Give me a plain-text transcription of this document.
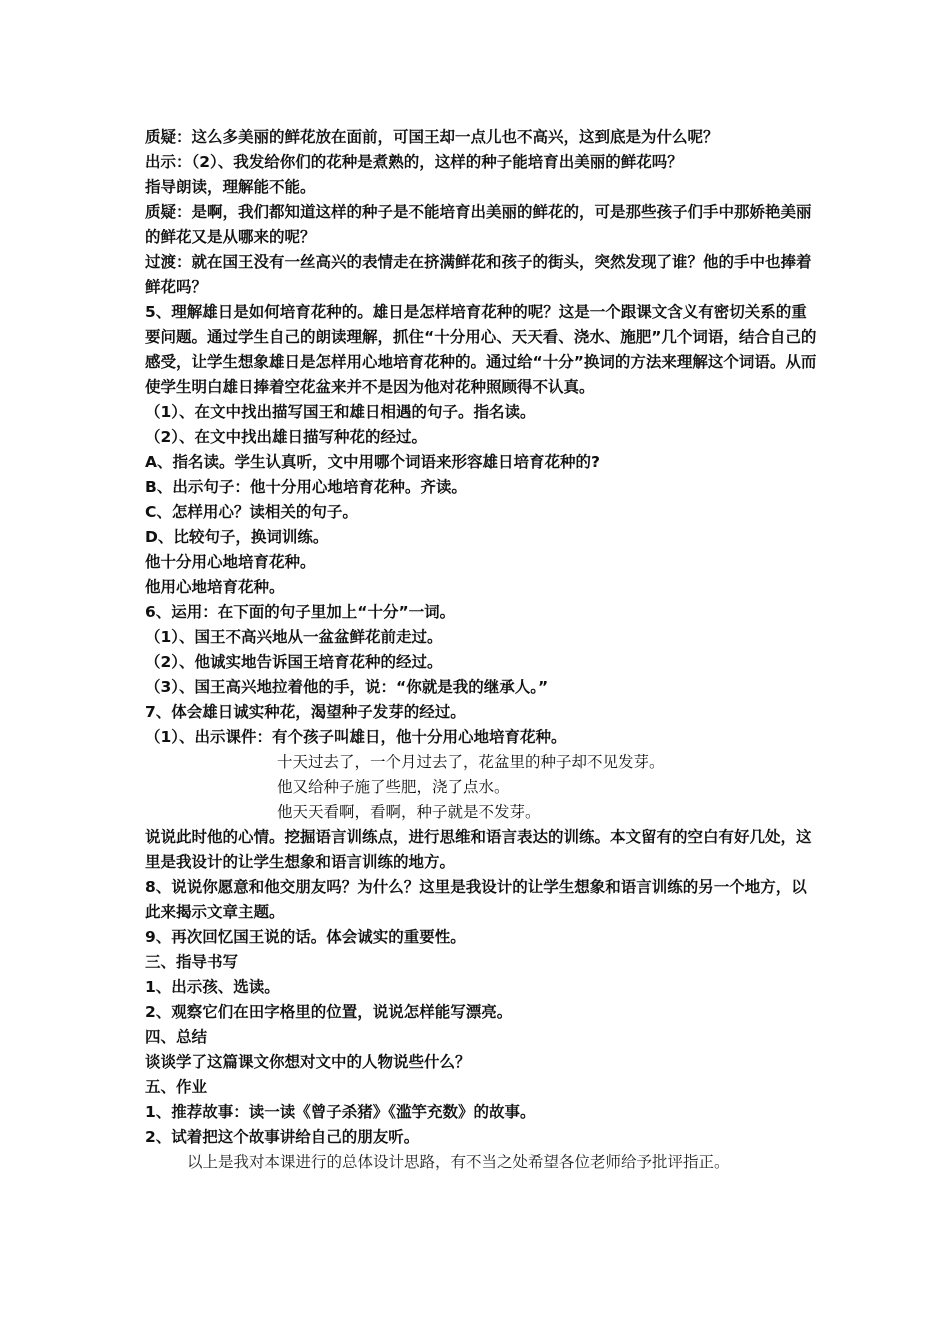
质疑：这么多美丽的鲜花放在面前，可国王却一点儿也不高兴，这到底是为什么呢？

出示：（2）、我发给你们的花种是煮熟的，这样的种子能培育出美丽的鲜花吗？

指导朗读，理解能不能。

质疑：是啊，我们都知道这样的种子是不能培育出美丽的鲜花的，可是那些孩子们手中那娇艳美丽的鲜花又是从哪来的呢？

过渡：就在国王没有一丝高兴的表情走在挤满鲜花和孩子的街头，突然发现了谁？他的手中也捧着鲜花吗？

5、理解雄日是如何培育花种的。雄日是怎样培育花种的呢？这是一个跟课文含义有密切关系的重要问题。通过学生自己的朗读理解，抓住“十分用心、天天看、浇水、施肥”几个词语，结合自己的感受，让学生想象雄日是怎样用心地培育花种的。通过给“十分”换词的方法来理解这个词语。从而使学生明白雄日捧着空花盆来并不是因为他对花种照顾得不认真。

（1）、在文中找出描写国王和雄日相遇的句子。指名读。

（2）、在文中找出雄日描写种花的经过。

A、指名读。学生认真听，文中用哪个词语来形容雄日培育花种的?

B、出示句子：他十分用心地培育花种。齐读。

C、怎样用心？读相关的句子。

D、比较句子，换词训练。

他十分用心地培育花种。

他用心地培育花种。

6、运用：在下面的句子里加上“十分”一词。

（1）、国王不高兴地从一盆盆鲜花前走过。

（2）、他诚实地告诉国王培育花种的经过。

（3）、国王高兴地拉着他的手，说：“你就是我的继承人。”

7、体会雄日诚实种花，渴望种子发芽的经过。

（1）、出示课件：有个孩子叫雄日，他十分用心地培育花种。

十天过去了，一个月过去了，花盆里的种子却不见发芽。

他又给种子施了些肥，浇了点水。

他天天看啊，看啊，种子就是不发芽。

说说此时他的心情。挖掘语言训练点，进行思维和语言表达的训练。本文留有的空白有好几处，这里是我设计的让学生想象和语言训练的地方。

8、说说你愿意和他交朋友吗？为什么？这里是我设计的让学生想象和语言训练的另一个地方，以此来揭示文章主题。

9、再次回忆国王说的话。体会诚实的重要性。

三、指导书写

1、出示孩、选读。

2、观察它们在田字格里的位置，说说怎样能写漂亮。

四、总结

谈谈学了这篇课文你想对文中的人物说些什么？

五、作业

1、推荐故事：读一读《曾子杀猪》《滥竽充数》的故事。

2、试着把这个故事讲给自己的朋友听。

以上是我对本课进行的总体设计思路，有不当之处希望各位老师给予批评指正。
